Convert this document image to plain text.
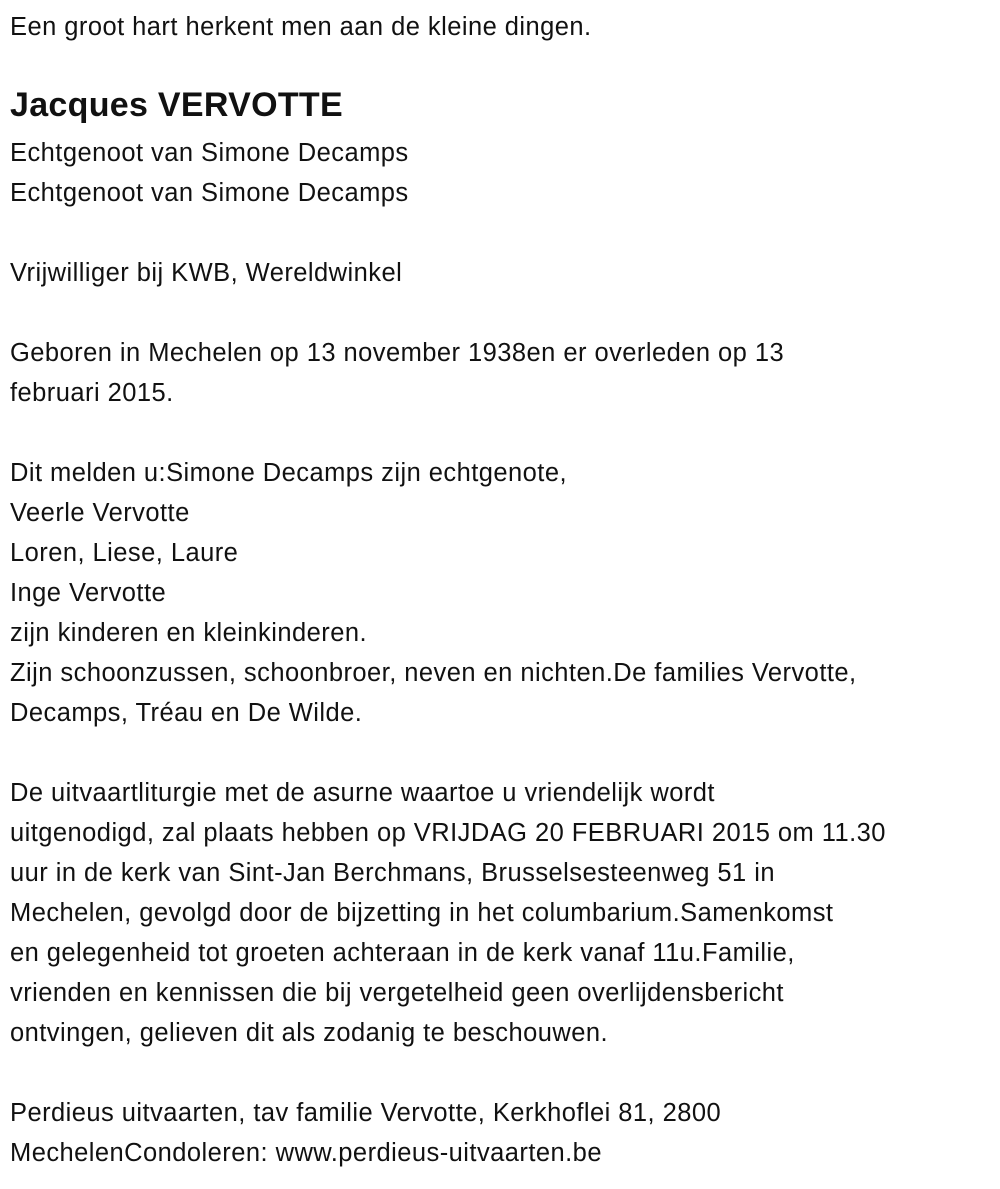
Een groot hart herkent men aan de kleine dingen.
Jacques VERVOTTE
Echtgenoot van Simone Decamps
Echtgenoot van Simone Decamps
Vrijwilliger bij KWB, Wereldwinkel
Geboren in Mechelen op 13 november 1938en er overleden op 13
februari 2015.
Dit melden u:Simone Decamps zijn echtgenote,
Veerle Vervotte
Loren, Liese, Laure
Inge Vervotte
zijn kinderen en kleinkinderen.
Zijn schoonzussen, schoonbroer, neven en nichten.De families Vervotte,
Decamps, Tréau en De Wilde.
De uitvaartliturgie met de asurne waartoe u vriendelijk wordt
uitgenodigd, zal plaats hebben op VRIJDAG 20 FEBRUARI 2015 om 11.30
uur in de kerk van Sint-Jan Berchmans, Brusselsesteenweg 51 in
Mechelen, gevolgd door de bijzetting in het columbarium.Samenkomst
en gelegenheid tot groeten achteraan in de kerk vanaf 11u.Familie,
vrienden en kennissen die bij vergetelheid geen overlijdensbericht
ontvingen, gelieven dit als zodanig te beschouwen.
Perdieus uitvaarten, tav familie Vervotte, Kerkhoflei 81, 2800
MechelenCondoleren: www.perdieus-uitvaarten.be
